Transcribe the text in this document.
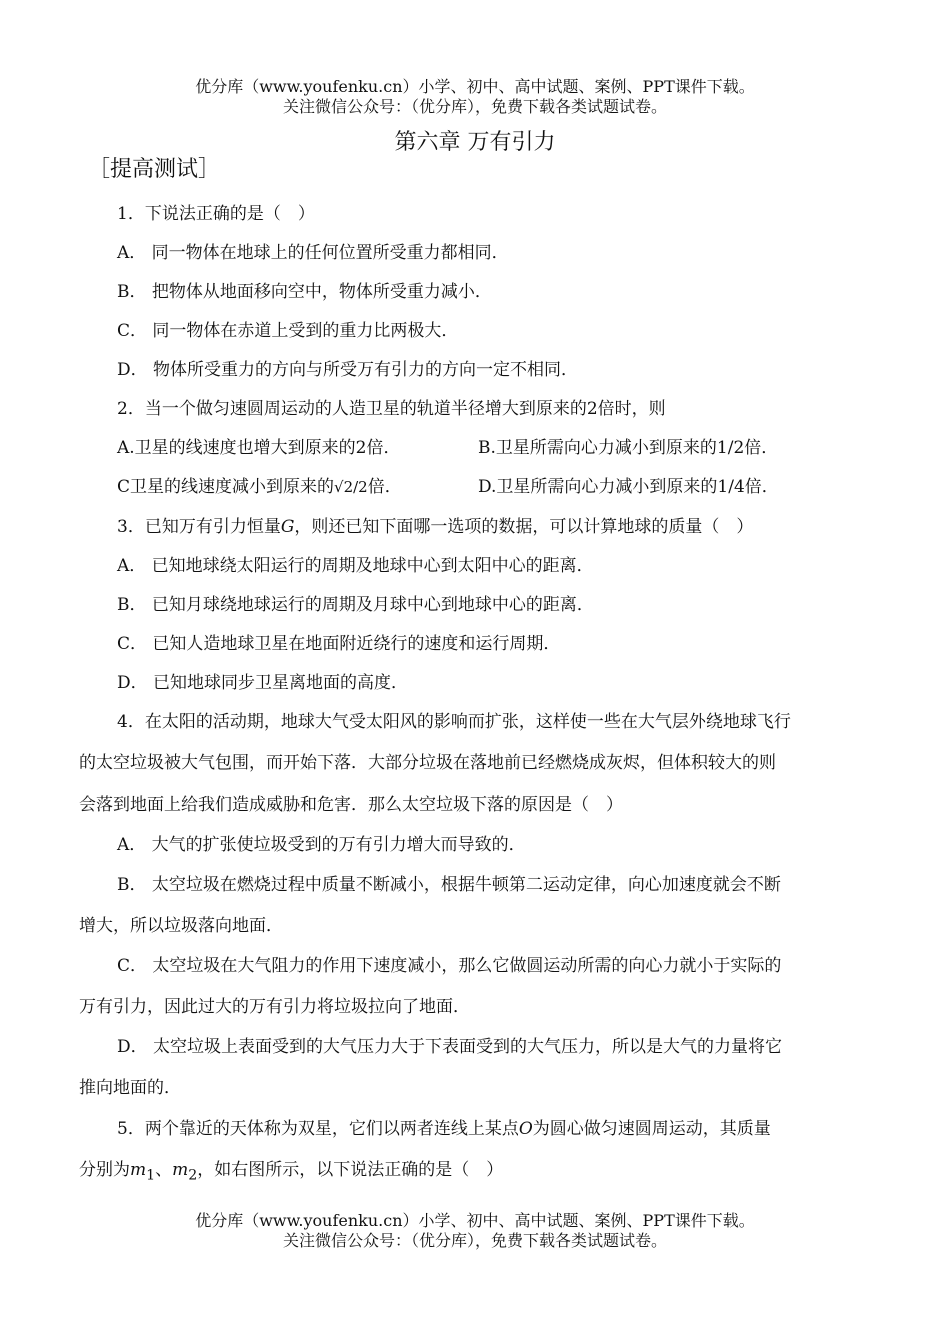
优分库（www.youfenku.cn）小学、初中、高中试题、案例、PPT课件下载。
关注微信公众号：（优分库），免费下载各类试题试卷。
第六章 万有引力
［提高测试］
1．下说法正确的是（　）
A． 同一物体在地球上的任何位置所受重力都相同．
B． 把物体从地面移向空中，物体所受重力减小．
C． 同一物体在赤道上受到的重力比两极大．
D． 物体所受重力的方向与所受万有引力的方向一定不相同．
2．当一个做匀速圆周运动的人造卫星的轨道半径增大到原来的2倍时，则
A.卫星的线速度也增大到原来的2倍．	B.卫星所需向心力减小到原来的1/2倍．
C卫星的线速度减小到原来的√2/2倍．	D.卫星所需向心力减小到原来的1/4倍．
3．已知万有引力恒量G，则还已知下面哪一选项的数据，可以计算地球的质量（　）
A． 已知地球绕太阳运行的周期及地球中心到太阳中心的距离．
B． 已知月球绕地球运行的周期及月球中心到地球中心的距离．
C． 已知人造地球卫星在地面附近绕行的速度和运行周期．
D． 已知地球同步卫星离地面的高度．
4．在太阳的活动期，地球大气受太阳风的影响而扩张，这样使一些在大气层外绕地球飞行
的太空垃圾被大气包围，而开始下落．大部分垃圾在落地前已经燃烧成灰烬，但体积较大的则
会落到地面上给我们造成威胁和危害．那么太空垃圾下落的原因是（　）
A． 大气的扩张使垃圾受到的万有引力增大而导致的．
B． 太空垃圾在燃烧过程中质量不断减小，根据牛顿第二运动定律，向心加速度就会不断
增大，所以垃圾落向地面．
C． 太空垃圾在大气阻力的作用下速度减小，那么它做圆运动所需的向心力就小于实际的
万有引力，因此过大的万有引力将垃圾拉向了地面．
D． 太空垃圾上表面受到的大气压力大于下表面受到的大气压力，所以是大气的力量将它
推向地面的．
5．两个靠近的天体称为双星，它们以两者连线上某点O为圆心做匀速圆周运动，其质量
分别为$m_1$、$m_2$，如右图所示，以下说法正确的是（　）
优分库（www.youfenku.cn）小学、初中、高中试题、案例、PPT课件下载。
关注微信公众号：（优分库），免费下载各类试题试卷。
